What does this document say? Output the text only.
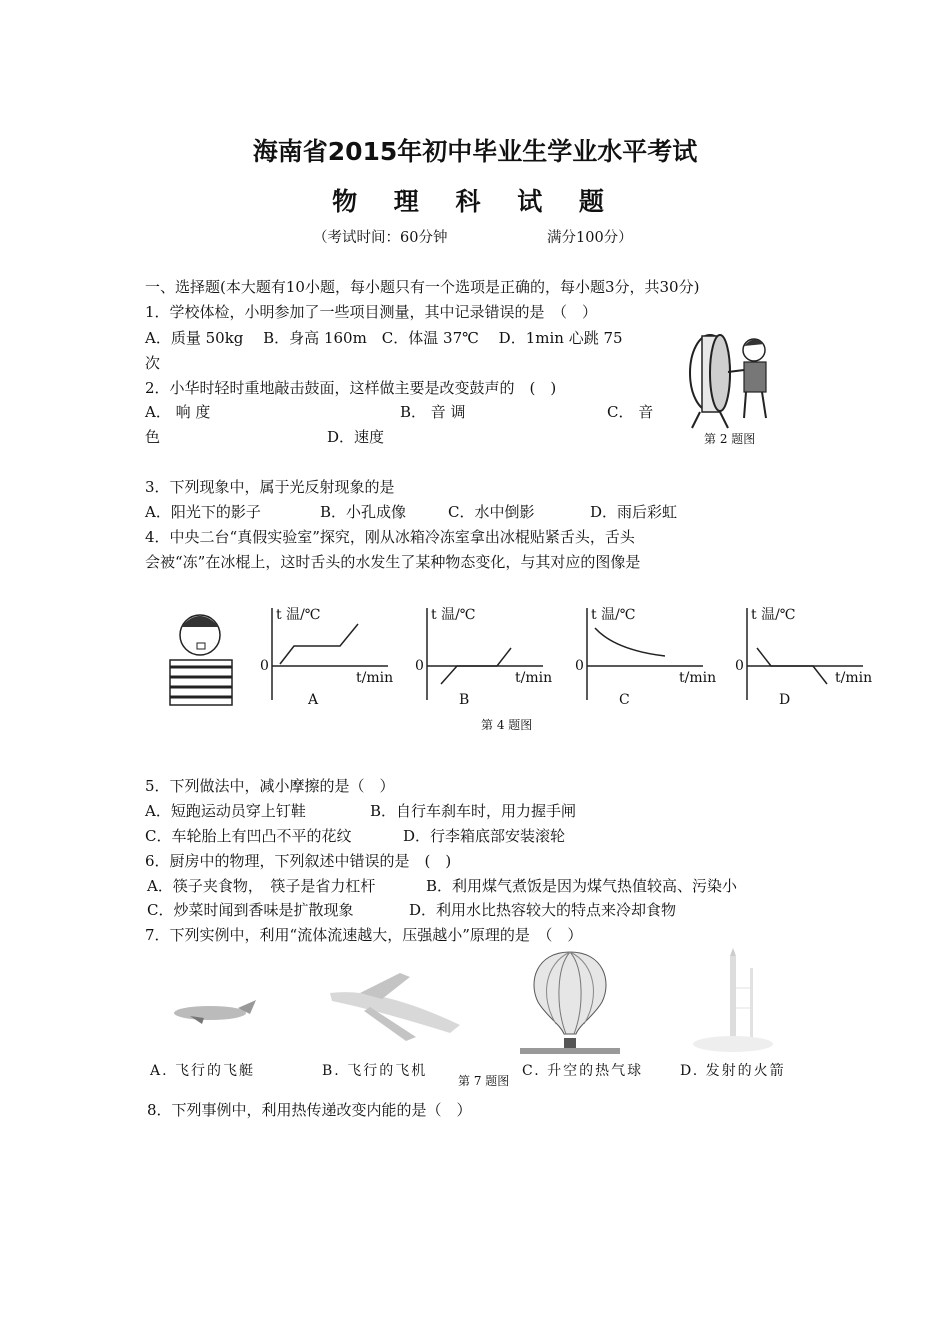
海南省2015年初中毕业生学业水平考试
物 理 科 试 题
（考试时间：60分钟	满分100分）
一、选择题(本大题有10小题，每小题只有一个选项是正确的，每小题3分，共30分)
1．学校体检，小明参加了一些项目测量，其中记录错误的是　（　）
A．质量 50kg　 B．身高 160m　C．体温 37℃　 D．1min 心跳 75
次
2．小华时轻时重地敲击鼓面，这样做主要是改变鼓声的　(　)
A． 响 度	B． 音 调	C． 音
色	D．速度	第 2 题图
3．下列现象中，属于光反射现象的是
A．阳光下的影子	B．小孔成像	C．水中倒影	D．雨后彩虹
4．中央二台“真假实验室”探究，刚从冰箱冷冻室拿出冰棍贴紧舌头，舌头
会被“冻”在冰棍上，这时舌头的水发生了某种物态变化，与其对应的图像是
t 温/℃
0
t/min
A
t 温/℃
0
t/min
B
t 温/℃
0
t/min
C
t 温/℃
0
t/min
D
第 4 题图
5．下列做法中，减小摩擦的是（　）
A．短跑运动员穿上钉鞋	B．自行车刹车时，用力握手闸
C．车轮胎上有凹凸不平的花纹	D．行李箱底部安装滚轮
6．厨房中的物理，下列叙述中错误的是　(　)
A．筷子夹食物，　筷子是省力杠杆	B．利用煤气煮饭是因为煤气热值较高、污染小
C．炒菜时闻到香味是扩散现象	D．利用水比热容较大的特点来冷却食物
7．下列实例中，利用“流体流速越大，压强越小”原理的是　（　）
A. 飞行的飞艇	B. 飞行的飞机
第 7 题图
C. 升空的热气球	D. 发射的火箭
8．下列事例中，利用热传递改变内能的是（　）
